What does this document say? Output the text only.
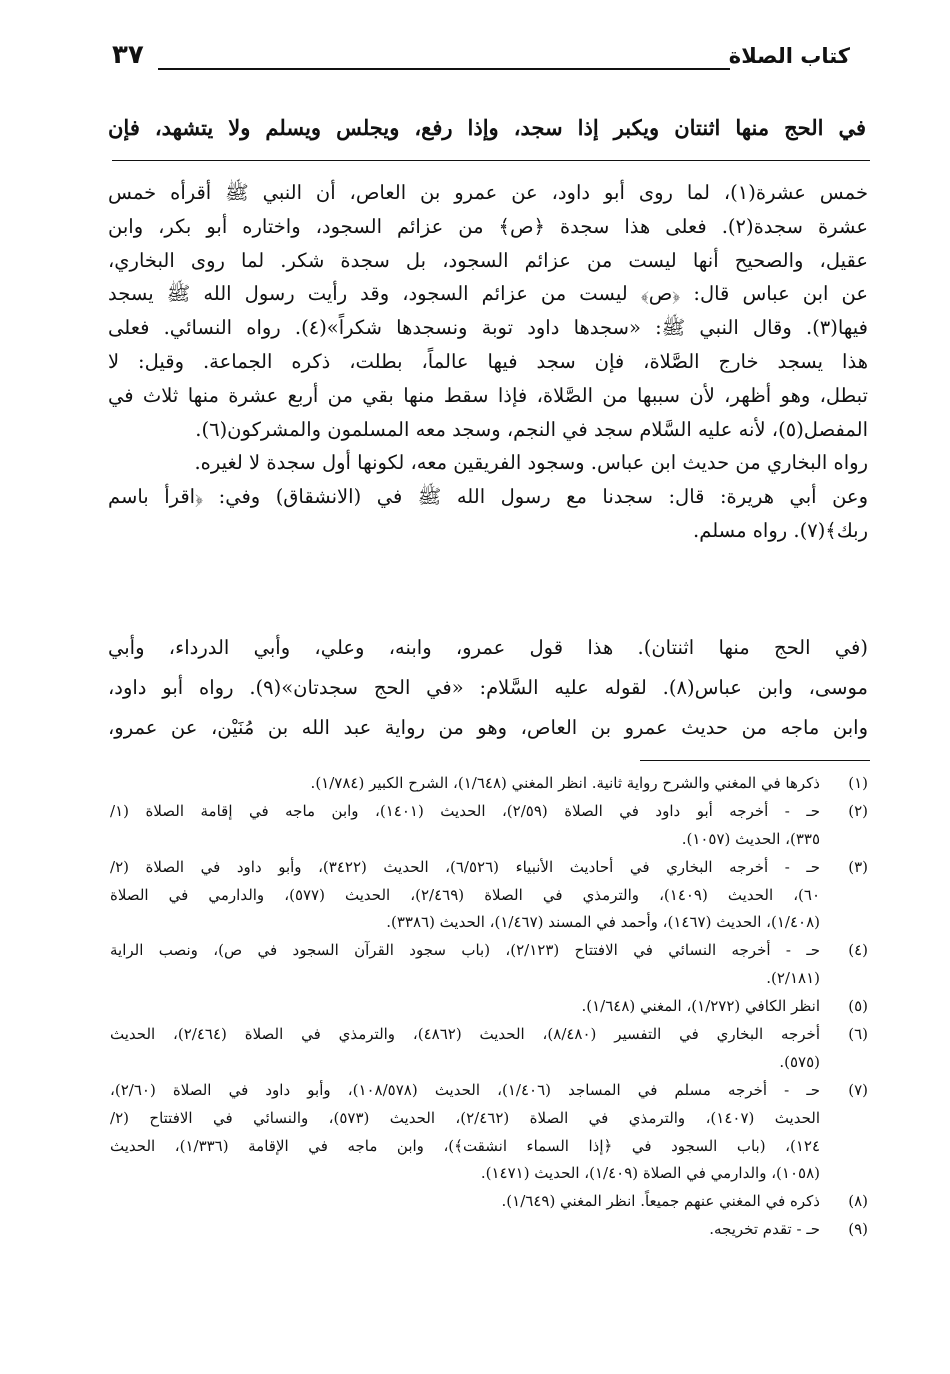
كتاب الصلاة
٣٧
في الحج منها اثنتان ويكبر إذا سجد، وإذا رفع، ويجلس ويسلم ولا يتشهد، فإن
خمس عشرة(١)، لما روى أبو داود، عن عمرو بن العاص، أن النبي ﷺ أقرأه خمس
عشرة سجدة(٢). فعلى هذا سجدة ﴿ص﴾ من عزائم السجود، واختاره أبو بكر، وابن
عقيل، والصحيح أنها ليست من عزائم السجود، بل سجدة شكر. لما روى البخاري،
عن ابن عباس قال: ﴿ص﴾ ليست من عزائم السجود، وقد رأيت رسول الله ﷺ يسجد
فيها(٣). وقال النبي ﷺ: «سجدها داود توبة ونسجدها شكراً»(٤). رواه النسائي. فعلى
هذا يسجد خارج الصَّلاة، فإن سجد فيها عالماً، بطلت، ذكره الجماعة. وقيل: لا
تبطل، وهو أظهر، لأن سببها من الصَّلاة، فإذا سقط منها بقي من أربع عشرة منها ثلاث في
المفصل(٥)، لأنه عليه السَّلام سجد في النجم، وسجد معه المسلمون والمشركون(٦).
رواه البخاري من حديث ابن عباس. وسجود الفريقين معه، لكونها أول سجدة لا لغيره.
وعن أبي هريرة: قال: سجدنا مع رسول الله ﷺ في (الانشقاق) وفي: ﴿اقرأ باسم
ربك﴾(٧). رواه مسلم.
(في الحج منها اثنتان). هذا قول عمرو، وابنه، وعلي، وأبي الدرداء، وأبي
موسى، وابن عباس(٨). لقوله عليه السَّلام: «في الحج سجدتان»(٩). رواه أبو داود،
وابن ماجه من حديث عمرو بن العاص، وهو من رواية عبد الله بن مُنَيْن، عن عمرو،
(١)
ذكرها في المغني والشرح رواية ثانية. انظر المغني (١/٦٤٨)، الشرح الكبير (١/٧٨٤).
(٢)
حـ - أخرجه أبو داود في الصلاة (٢/٥٩)، الحديث (١٤٠١)، وابن ماجه في إقامة الصلاة (١/
٣٣٥)، الحديث (١٠٥٧).
(٣)
حـ - أخرجه البخاري في أحاديث الأنبياء (٦/٥٢٦)، الحديث (٣٤٢٢)، وأبو داود في الصلاة (٢/
٦٠)، الحديث (١٤٠٩)، والترمذي في الصلاة (٢/٤٦٩)، الحديث (٥٧٧)، والدارمي في الصلاة
(١/٤٠٨)، الحديث (١٤٦٧)، وأحمد في المسند (١/٤٦٧)، الحديث (٣٣٨٦).
(٤)
حـ - أخرجه النسائي في الافتتاح (٢/١٢٣)، (باب سجود القرآن السجود في ص)، ونصب الراية
(٢/١٨١).
(٥)
انظر الكافي (١/٢٧٢)، المغني (١/٦٤٨).
(٦)
أخرجه البخاري في التفسير (٨/٤٨٠)، الحديث (٤٨٦٢)، والترمذي في الصلاة (٢/٤٦٤)، الحديث
(٥٧٥).
(٧)
حـ - أخرجه مسلم في المساجد (١/٤٠٦)، الحديث (١٠٨/٥٧٨)، وأبو داود في الصلاة (٢/٦٠)،
الحديث (١٤٠٧)، والترمذي في الصلاة (٢/٤٦٢)، الحديث (٥٧٣)، والنسائي في الافتتاح (٢/
١٢٤)، (باب السجود في ﴿إذا السماء انشقت﴾)، وابن ماجه في الإقامة (١/٣٣٦)، الحديث
(١٠٥٨)، والدارمي في الصلاة (١/٤٠٩)، الحديث (١٤٧١).
(٨)
ذكره في المغني عنهم جميعاً. انظر المغني (١/٦٤٩).
(٩)
حـ - تقدم تخريجه.
